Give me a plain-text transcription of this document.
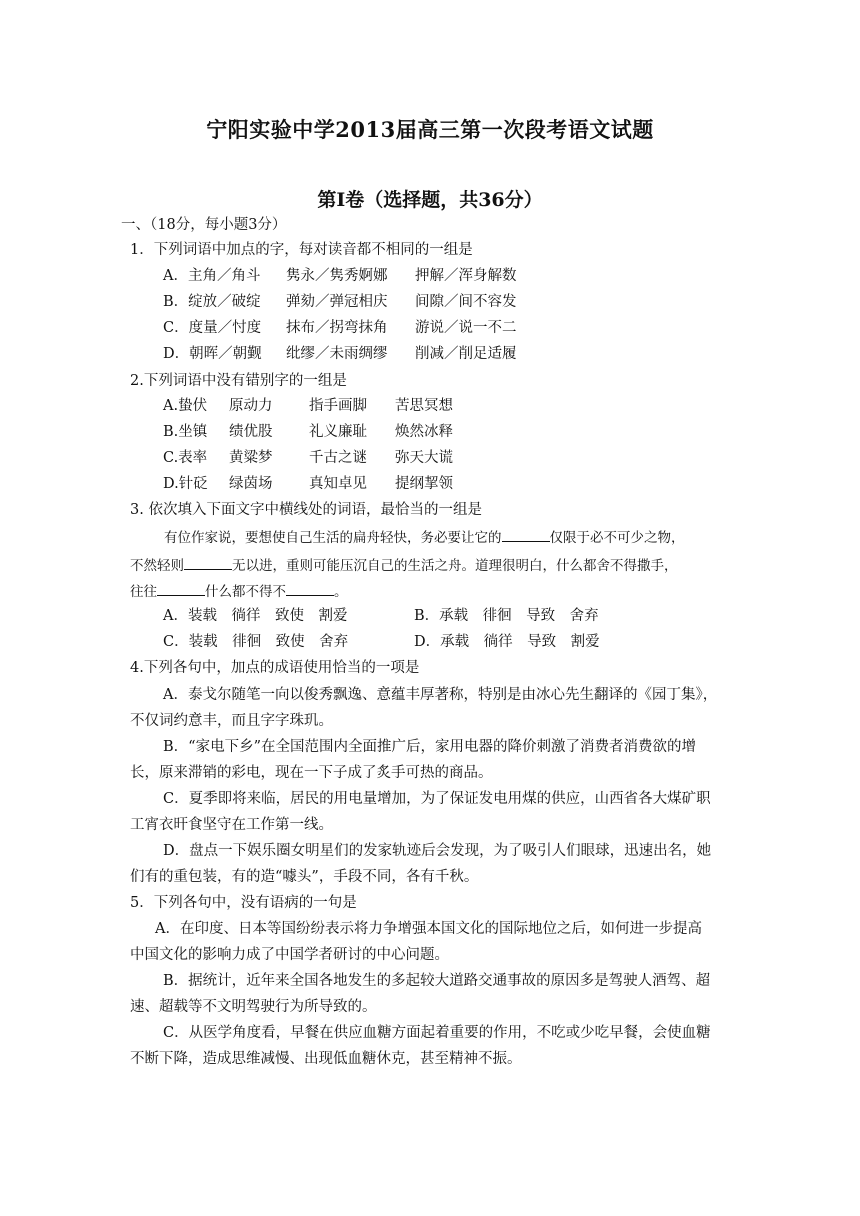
宁阳实验中学2013届高三第一次段考语文试题
第Ⅰ卷（选择题，共36分）
一、（18分，每小题3分）
1．下列词语中加点的字，每对读音都不相同的一组是
A．主角／角斗 隽永／隽秀婀娜 押解／浑身解数
B．绽放／破绽 弹劾／弹冠相庆 间隙／间不容发
C．度量／忖度 抹布／拐弯抹角 游说／说一不二
D．朝晖／朝觐 纰缪／未雨绸缪 削减／削足适履
2.下列词语中没有错别字的一组是
A.蛰伏 原动力	指手画脚 苦思冥想
B.坐镇 绩优股	礼义廉耻 焕然冰释
C.表率 黄粱梦	千古之谜 弥天大谎
D.针砭 绿茵场	真知卓见 提纲挈领
3. 依次填入下面文字中横线处的词语，最恰当的一组是
有位作家说，要想使自己生活的扁舟轻快，务必要让它的	仅限于必不可少之物，
不然轻则	无以进，重则可能压沉自己的生活之舟。道理很明白，什么都舍不得撒手，
往往	什么都不得不	。
A．装载　徜徉　致使　割爱	B．承载　徘徊　导致　舍弃
C．装载　徘徊　致使　舍弃	D．承载　徜徉　导致　割爱
4.下列各句中，加点的成语使用恰当的一项是
A．泰戈尔随笔一向以俊秀飘逸、意蕴丰厚著称，特别是由冰心先生翻译的《园丁集》，
不仅词约意丰，而且字字珠玑。
B．“家电下乡”在全国范围内全面推广后，家用电器的降价刺激了消费者消费欲的增
长，原来滞销的彩电，现在一下子成了炙手可热的商品。
C．夏季即将来临，居民的用电量增加，为了保证发电用煤的供应，山西省各大煤矿职
工宵衣旰食坚守在工作第一线。
D．盘点一下娱乐圈女明星们的发家轨迹后会发现，为了吸引人们眼球，迅速出名，她
们有的重包装，有的造“噱头”，手段不同，各有千秋。
5．下列各句中，没有语病的一句是
A．在印度、日本等国纷纷表示将力争增强本国文化的国际地位之后，如何进一步提高
中国文化的影响力成了中国学者研讨的中心问题。
B．据统计，近年来全国各地发生的多起较大道路交通事故的原因多是驾驶人酒驾、超
速、超载等不文明驾驶行为所导致的。
C．从医学角度看，早餐在供应血糖方面起着重要的作用，不吃或少吃早餐，会使血糖
不断下降，造成思维减慢、出现低血糖休克，甚至精神不振。
